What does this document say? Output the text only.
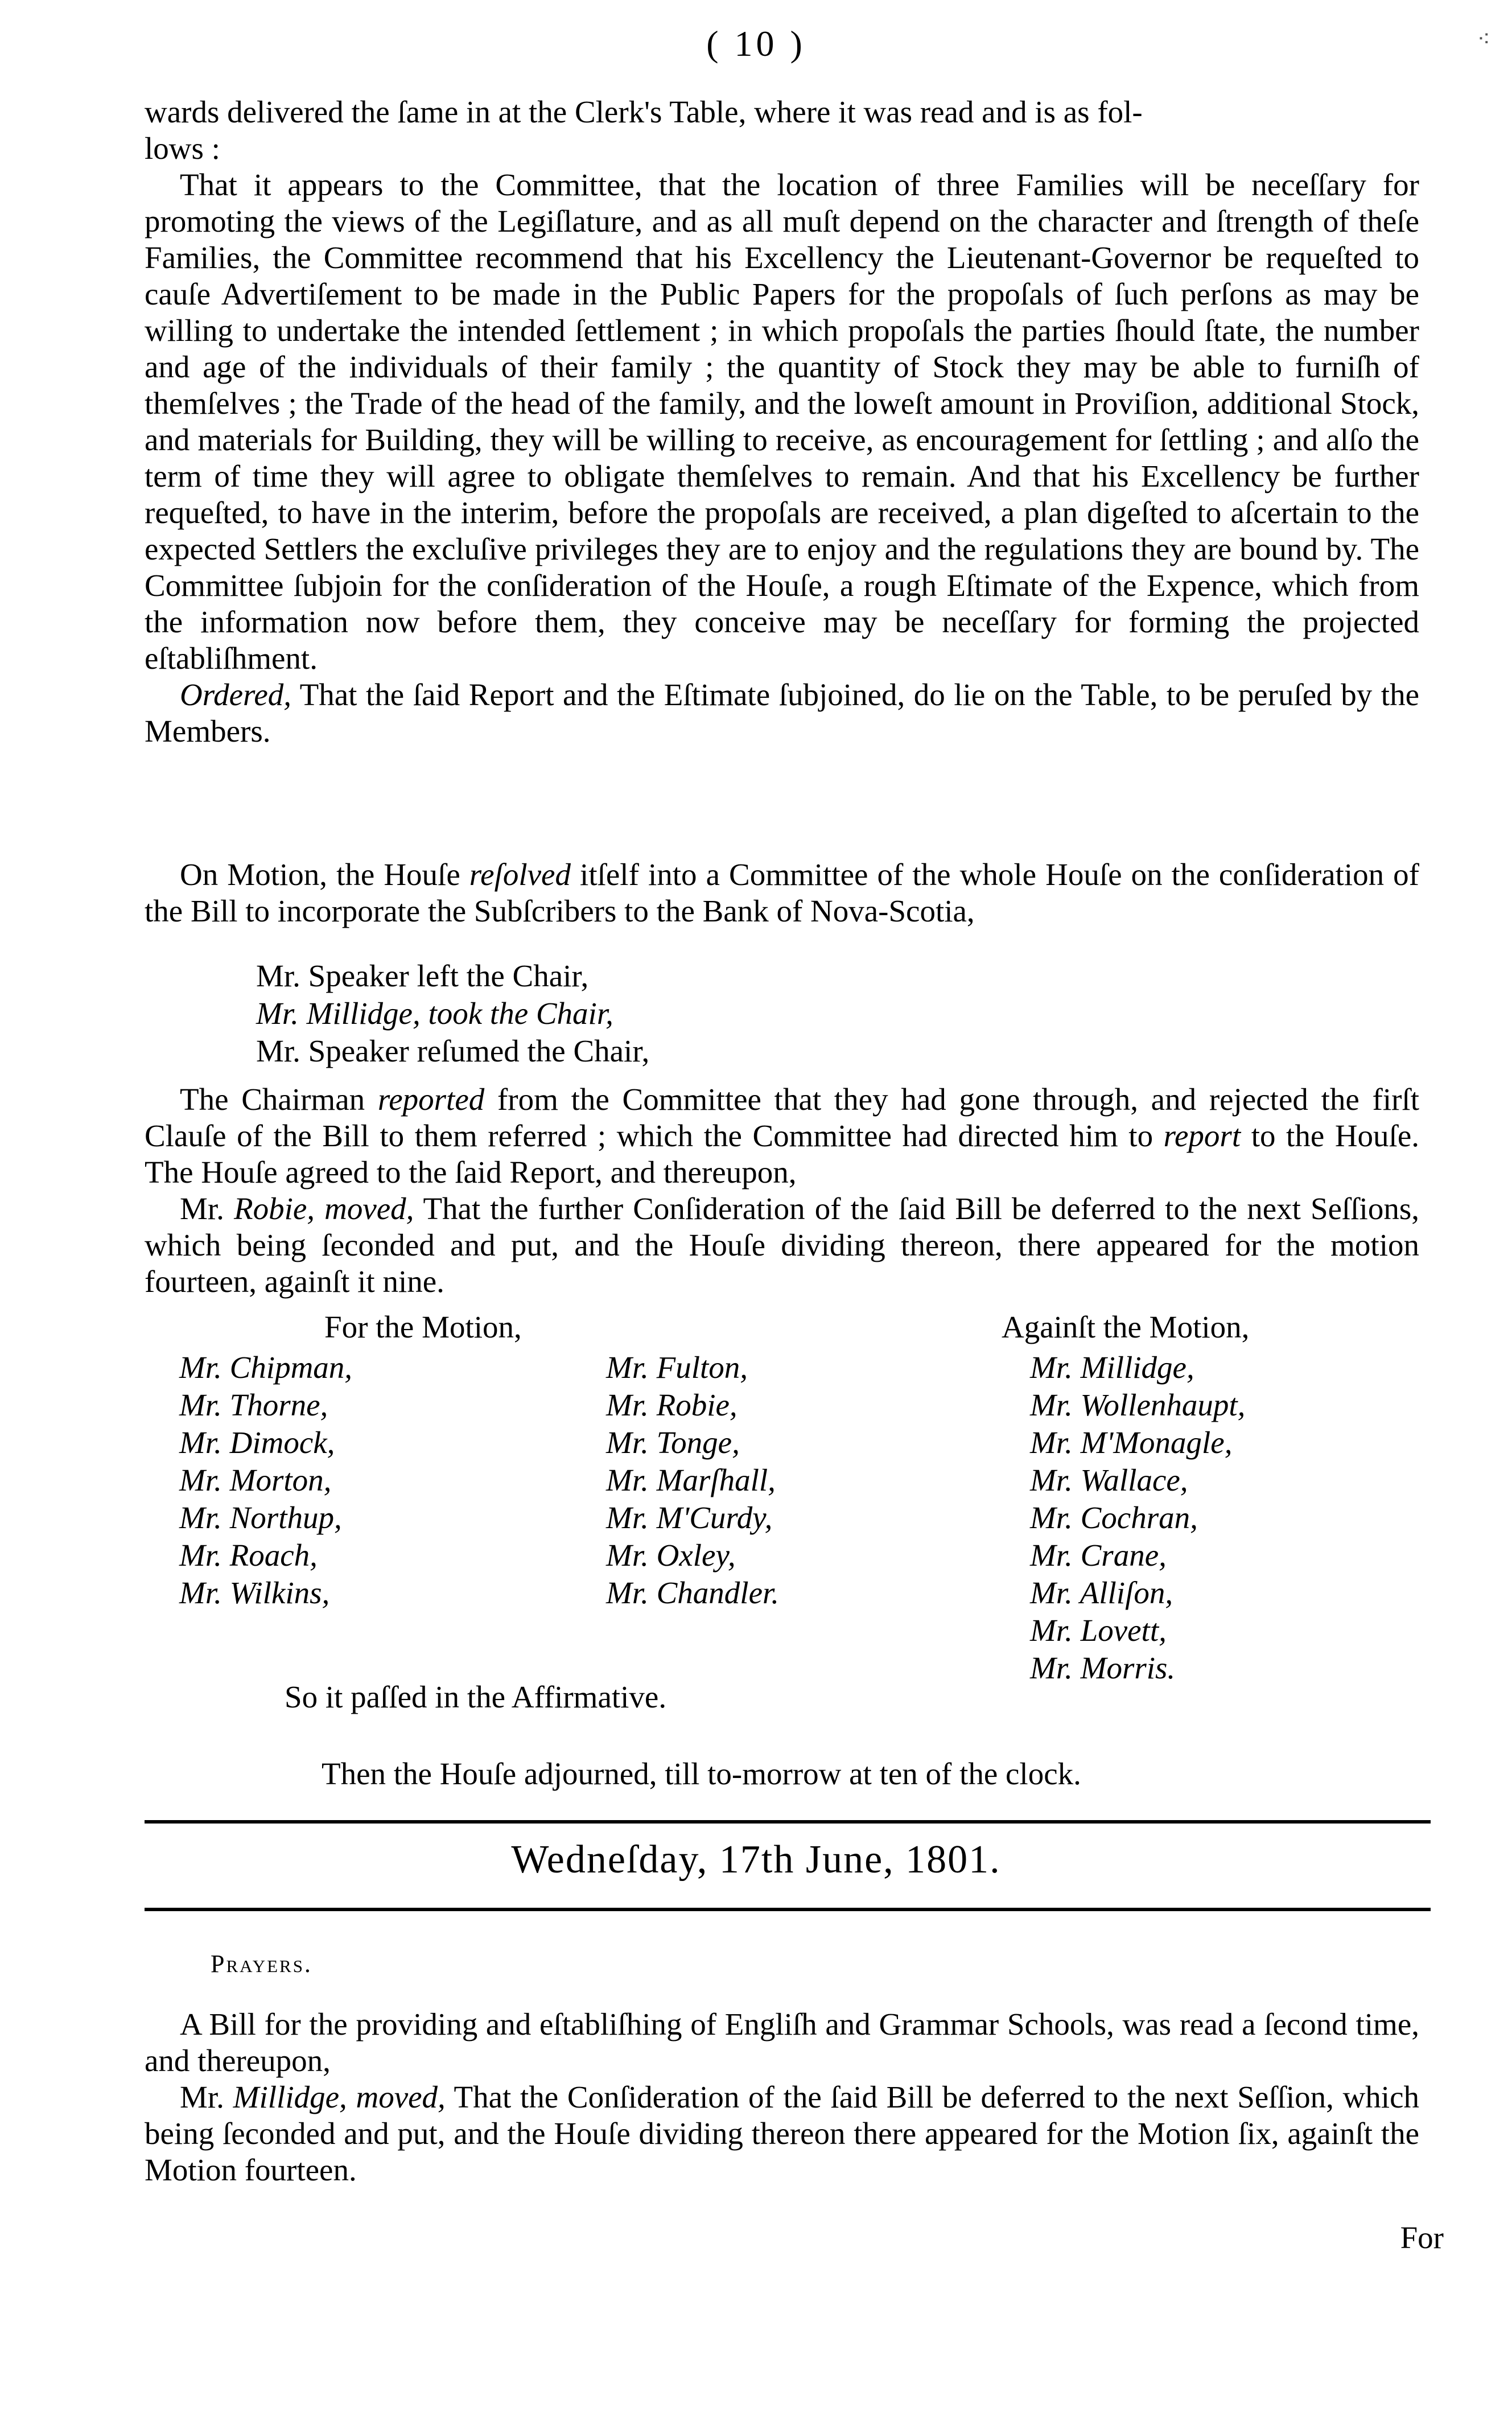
( 10 )	⁖

wards delivered the ſame in at the Clerk's Table, where it was read and is as fol-

lows :

That it appears to the Committee, that the location of three Families will be neceſſary for promoting the views of the Legiſlature, and as all muſt depend on the character and ſtrength of theſe Families, the Committee recommend that his Excellency the Lieutenant-Governor be requeſted to cauſe Advertiſement to be made in the Public Papers for the propoſals of ſuch perſons as may be willing to undertake the intended ſettlement ; in which propoſals the parties ſhould ſtate, the number and age of the individuals of their family ; the quantity of Stock they may be able to furniſh of themſelves ; the Trade of the head of the family, and the loweſt amount in Proviſion, additional Stock, and materials for Building, they will be willing to receive, as encouragement for ſettling ; and alſo the term of time they will agree to obligate themſelves to remain. And that his Excellency be further requeſted, to have in the interim, before the propoſals are received, a plan digeſted to aſcertain to the expected Settlers the excluſive privileges they are to enjoy and the regulations they are bound by. The Committee ſubjoin for the conſideration of the Houſe, a rough Eſtimate of the Expence, which from the information now before them, they conceive may be neceſſary for forming the projected eſtabliſhment.

Ordered, That the ſaid Report and the Eſtimate ſubjoined, do lie on the Table, to be peruſed by the Members.

On Motion, the Houſe reſolved itſelf into a Committee of the whole Houſe on the conſideration of the Bill to incorporate the Subſcribers to the Bank of Nova-Scotia,

Mr. Speaker left the Chair,
Mr. Millidge, took the Chair,
Mr. Speaker reſumed the Chair,

The Chairman reported from the Committee that they had gone through, and rejected the firſt Clauſe of the Bill to them referred ; which the Committee had directed him to report to the Houſe. The Houſe agreed to the ſaid Report, and thereupon,

Mr. Robie, moved, That the further Conſideration of the ſaid Bill be deferred to the next Seſſions, which being ſeconded and put, and the Houſe dividing thereon, there appeared for the motion fourteen, againſt it nine.

For the Motion,	Againſt the Motion,
Mr. Chipman,
Mr. Thorne,
Mr. Dimock,
Mr. Morton,
Mr. Northup,
Mr. Roach,
Mr. Wilkins,
Mr. Fulton,
Mr. Robie,
Mr. Tonge,
Mr. Marſhall,
Mr. M'Curdy,
Mr. Oxley,
Mr. Chandler.
Mr. Millidge,
Mr. Wollenhaupt,
Mr. M'Monagle,
Mr. Wallace,
Mr. Cochran,
Mr. Crane,
Mr. Alliſon,
Mr. Lovett,
Mr. Morris.
So it paſſed in the Affirmative.
Then the Houſe adjourned, till to-morrow at ten of the clock.
Wedneſday, 17th June, 1801.
Prayers.

A Bill for the providing and eſtabliſhing of Engliſh and Grammar Schools, was read a ſecond time, and thereupon,

Mr. Millidge, moved, That the Conſideration of the ſaid Bill be deferred to the next Seſſion, which being ſeconded and put, and the Houſe dividing thereon there appeared for the Motion ſix, againſt the Motion fourteen.

For
